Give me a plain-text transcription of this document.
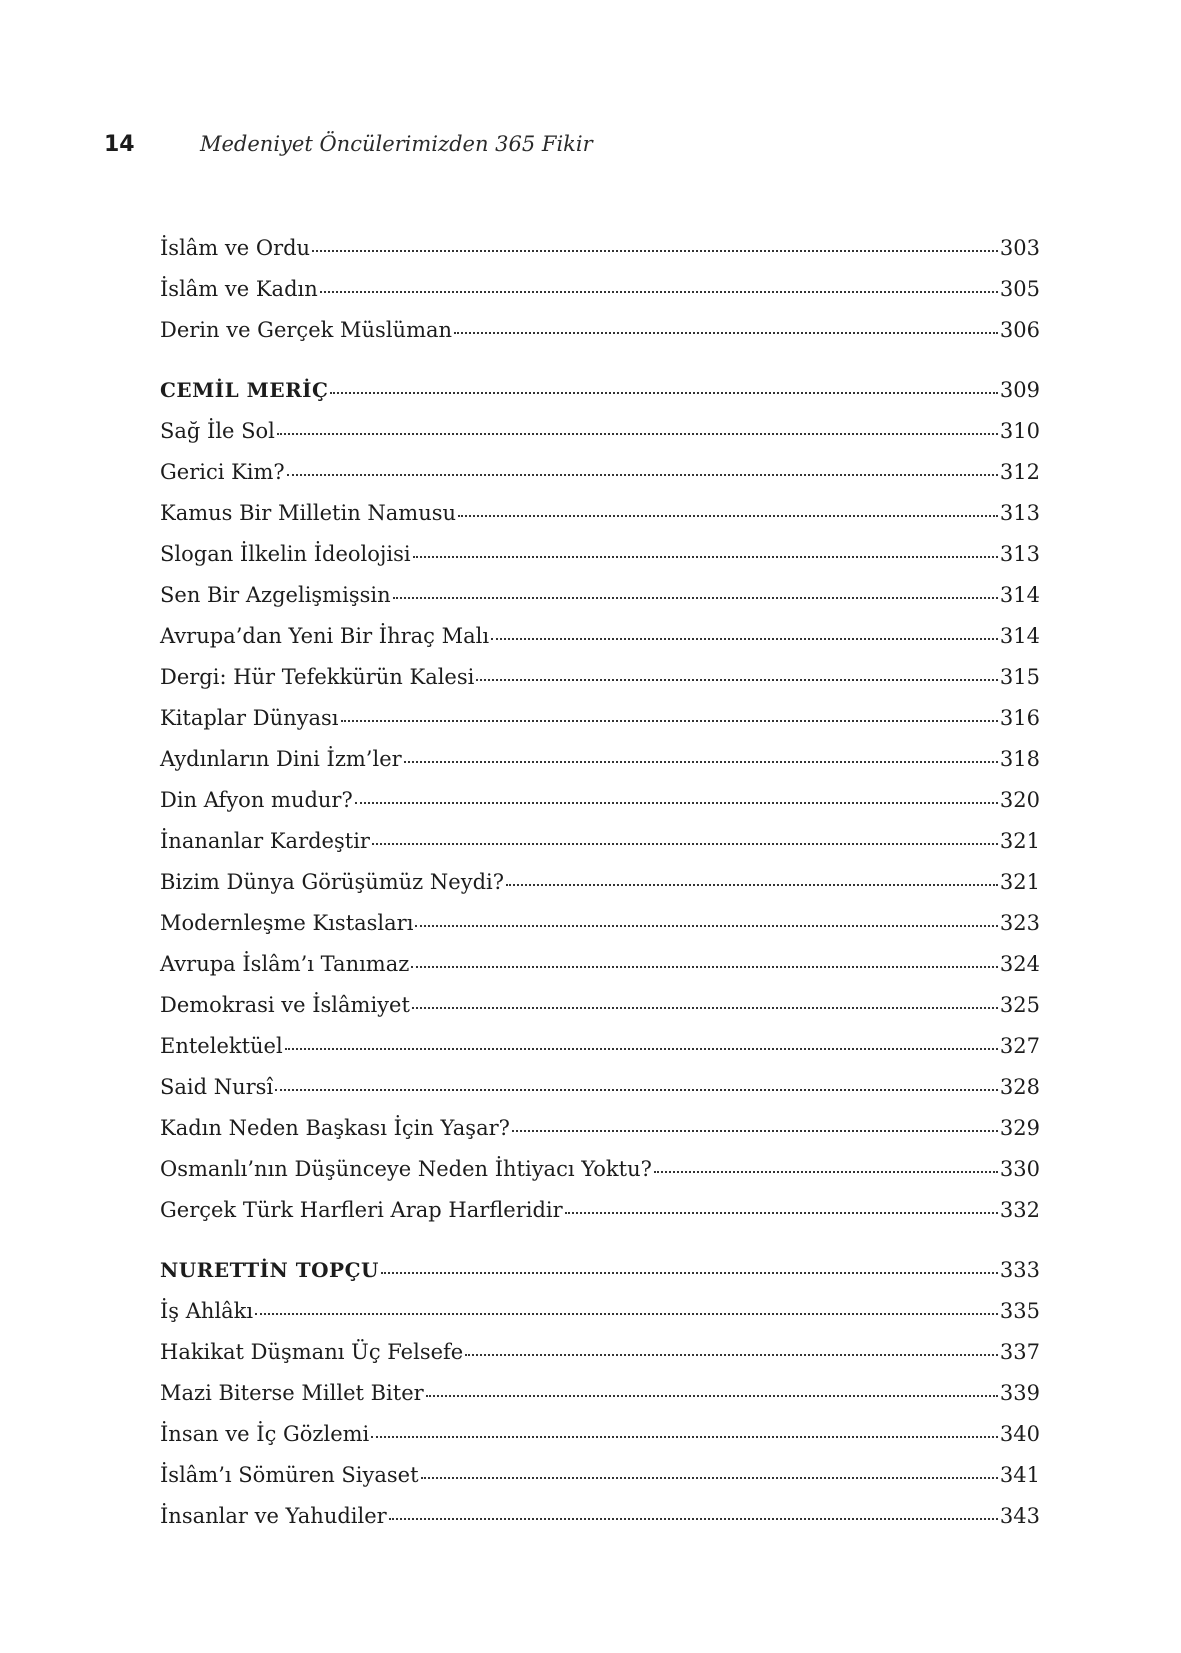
14	Medeniyet Öncülerimizden 365 Fikir
İslâm ve Ordu	303
İslâm ve Kadın	305
Derin ve Gerçek Müslüman	306
CEMİL MERİÇ	309
Sağ İle Sol	310
Gerici Kim?	312
Kamus Bir Milletin Namusu	313
Slogan İlkelin İdeolojisi	313
Sen Bir Azgelişmişsin	314
Avrupa’dan Yeni Bir İhraç Malı	314
Dergi: Hür Tefekkürün Kalesi	315
Kitaplar Dünyası	316
Aydınların Dini İzm’ler	318
Din Afyon mudur?	320
İnananlar Kardeştir	321
Bizim Dünya Görüşümüz Neydi?	321
Modernleşme Kıstasları	323
Avrupa İslâm’ı Tanımaz	324
Demokrasi ve İslâmiyet	325
Entelektüel	327
Said Nursî	328
Kadın Neden Başkası İçin Yaşar?	329
Osmanlı’nın Düşünceye Neden İhtiyacı Yoktu?	330
Gerçek Türk Harfleri Arap Harfleridir	332
NURETTİN TOPÇU	333
İş Ahlâkı	335
Hakikat Düşmanı Üç Felsefe	337
Mazi Biterse Millet Biter	339
İnsan ve İç Gözlemi	340
İslâm’ı Sömüren Siyaset	341
İnsanlar ve Yahudiler	343
